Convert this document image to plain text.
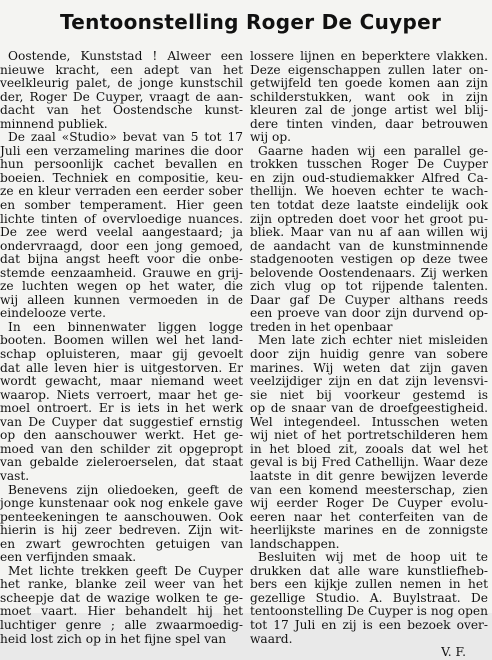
Tentoonstelling Roger De Cuyper
Oostende, Kunststad ! Alweer een
nieuwe kracht, een adept van het
veelkleurig palet, de jonge kunstschil
der, Roger De Cuyper, vraagt de aan-
dacht van het Oostendsche kunst-
minnend publiek.
De zaal «Studio» bevat van 5 tot 17
Juli een verzameling marines die door
hun persoonlijk cachet bevallen en
boeien. Techniek en compositie, keu-
ze en kleur verraden een eerder sober
en somber temperament. Hier geen
lichte tinten of overvloedige nuances.
De zee werd veelal aangestaard; ja
ondervraagd, door een jong gemoed,
dat bijna angst heeft voor die onbe-
stemde eenzaamheid. Grauwe en grij-
ze luchten wegen op het water, die
wij alleen kunnen vermoeden in de
eindelooze verte.
In een binnenwater liggen logge
booten. Boomen willen wel het land-
schap opluisteren, maar gij gevoelt
dat alle leven hier is uitgestorven. Er
wordt gewacht, maar niemand weet
waarop. Niets verroert, maar het ge-
moel ontroert. Er is iets in het werk
van De Cuyper dat suggestief ernstig
op den aanschouwer werkt. Het ge-
moed van den schilder zit opgepropt
van gebalde zieleroerselen, dat staat
vast.
Benevens zijn oliedoeken, geeft de
jonge kunstenaar ook nog enkele gave
penteekeningen te aanschouwen. Ook
hierin is hij zeer bedreven. Zijn wit-
en zwart gewrochten getuigen van
een verfijnden smaak.
Met lichte trekken geeft De Cuyper
het ranke, blanke zeil weer van het
scheepje dat de wazige wolken te ge-
moet vaart. Hier behandelt hij het
luchtiger genre ; alle zwaarmoedig-
heid lost zich op in het fijne spel van
lossere lijnen en beperktere vlakken.
Deze eigenschappen zullen later on-
getwijfeld ten goede komen aan zijn
schilderstukken, want ook in zijn
kleuren zal de jonge artist wel blij-
dere tinten vinden, daar betrouwen
wij op.
Gaarne haden wij een parallel ge-
trokken tusschen Roger De Cuyper
en zijn oud-studiemakker Alfred Ca-
thellijn. We hoeven echter te wach-
ten totdat deze laatste eindelijk ook
zijn optreden doet voor het groot pu-
bliek. Maar van nu af aan willen wij
de aandacht van de kunstminnende
stadgenooten vestigen op deze twee
belovende Oostendenaars. Zij werken
zich vlug op tot rijpende talenten.
Daar gaf De Cuyper althans reeds
een proeve van door zijn durvend op-
treden in het openbaar
Men late zich echter niet misleiden
door zijn huidig genre van sobere
marines. Wij weten dat zijn gaven
veelzijdiger zijn en dat zijn levensvi-
sie niet bij voorkeur gestemd is
op de snaar van de droefgeestigheid.
Wel integendeel. Intusschen weten
wij niet of het portretschilderen hem
in het bloed zit, zooals dat wel het
geval is bij Fred Cathellijn. Waar deze
laatste in dit genre bewijzen leverde
van een komend meesterschap, zien
wij eerder Roger De Cuyper evolu-
eeren naar het conterfeiten van de
heerlijkste marines en de zonnigste
landschappen.
Besluiten wij met de hoop uit te
drukken dat alle ware kunstliefheb-
bers een kijkje zullen nemen in het
gezellige Studio. A. Buylstraat. De
tentoonstelling De Cuyper is nog open
tot 17 Juli en zij is een bezoek over-
waard.
V. F.
